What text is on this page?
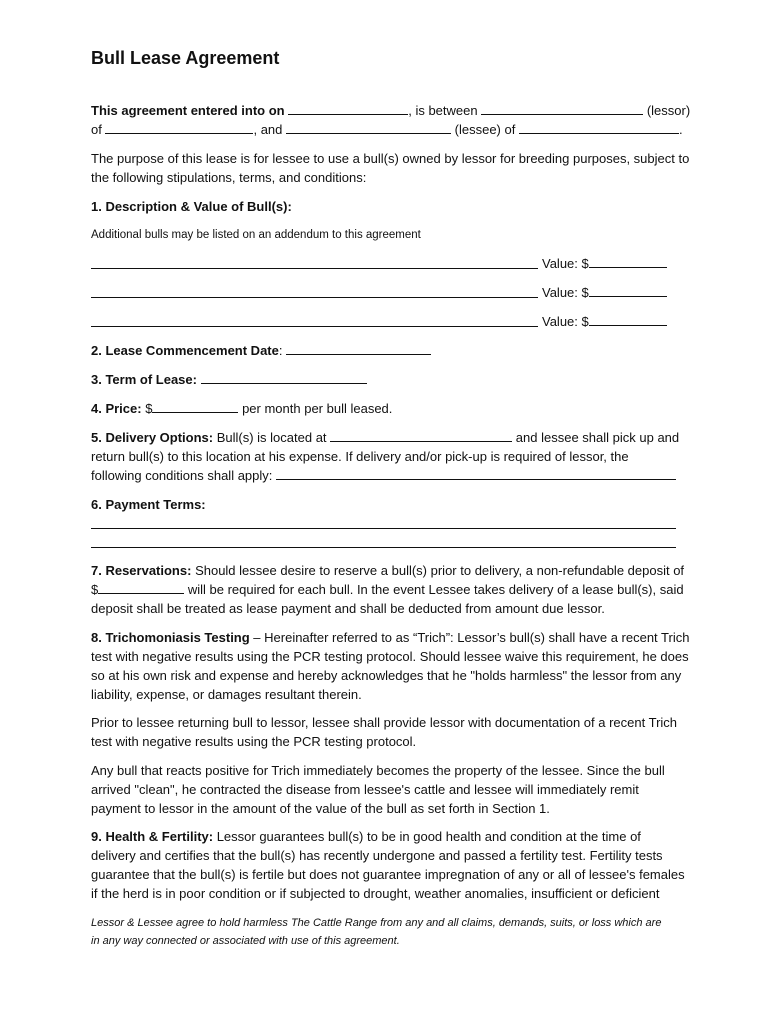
Bull Lease Agreement
This agreement entered into on	, is between	(lessor)
of	, and	(lessee) of	.
The purpose of this lease is for lessee to use a bull(s) owned by lessor for breeding purposes, subject to
the following stipulations, terms, and conditions:
1. Description & Value of Bull(s):
Additional bulls may be listed on an addendum to this agreement
Value: $
Value: $
Value: $
2. Lease Commencement Date:
3. Term of Lease:
4. Price: $	per month per bull leased.
5. Delivery Options: Bull(s) is located at	and lessee shall pick up and
return bull(s) to this location at his expense. If delivery and/or pick-up is required of lessor, the
following conditions shall apply:
6. Payment Terms:
7. Reservations: Should lessee desire to reserve a bull(s) prior to delivery, a non-refundable deposit of
$	will be required for each bull. In the event Lessee takes delivery of a lease bull(s), said
deposit shall be treated as lease payment and shall be deducted from amount due lessor.
8. Trichomoniasis Testing – Hereinafter referred to as “Trich”: Lessor’s bull(s) shall have a recent Trich
test with negative results using the PCR testing protocol. Should lessee waive this requirement, he does
so at his own risk and expense and hereby acknowledges that he "holds harmless" the lessor from any
liability, expense, or damages resultant therein.
Prior to lessee returning bull to lessor, lessee shall provide lessor with documentation of a recent Trich
test with negative results using the PCR testing protocol.
Any bull that reacts positive for Trich immediately becomes the property of the lessee. Since the bull
arrived "clean", he contracted the disease from lessee's cattle and lessee will immediately remit
payment to lessor in the amount of the value of the bull as set forth in Section 1.
9. Health & Fertility: Lessor guarantees bull(s) to be in good health and condition at the time of
delivery and certifies that the bull(s) has recently undergone and passed a fertility test. Fertility tests
guarantee that the bull(s) is fertile but does not guarantee impregnation of any or all of lessee's females
if the herd is in poor condition or if subjected to drought, weather anomalies, insufficient or deficient
Lessor & Lessee agree to hold harmless The Cattle Range from any and all claims, demands, suits, or loss which are
in any way connected or associated with use of this agreement.
